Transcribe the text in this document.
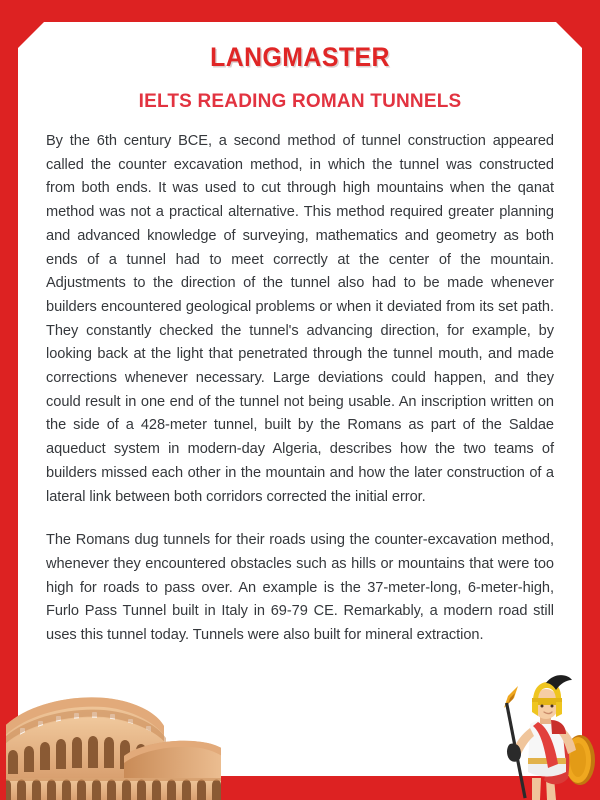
LANGMASTER
IELTS READING ROMAN TUNNELS

By the 6th century BCE, a second method of tunnel construction appeared called the counter excavation method, in which the tunnel was constructed from both ends. It was used to cut through high mountains when the qanat method was not a practical alternative. This method required greater planning and advanced knowledge of surveying, mathematics and geometry as both ends of a tunnel had to meet correctly at the center of the mountain. Adjustments to the direction of the tunnel also had to be made whenever builders encountered geological problems or when it deviated from its set path. They constantly checked the tunnel's advancing direction, for example, by looking back at the light that penetrated through the tunnel mouth, and made corrections whenever necessary. Large deviations could happen, and they could result in one end of the tunnel not being usable. An inscription written on the side of a 428-meter tunnel, built by the Romans as part of the Saldae aqueduct system in modern-day Algeria, describes how the two teams of builders missed each other in the mountain and how the later construction of a lateral link between both corridors corrected the initial error.

The Romans dug tunnels for their roads using the counter-excavation method, whenever they encountered obstacles such as hills or mountains that were too high for roads to pass over. An example is the 37-meter-long, 6-meter-high, Furlo Pass Tunnel built in Italy in 69-79 CE. Remarkably, a modern road still uses this tunnel today. Tunnels were also built for mineral extraction.
